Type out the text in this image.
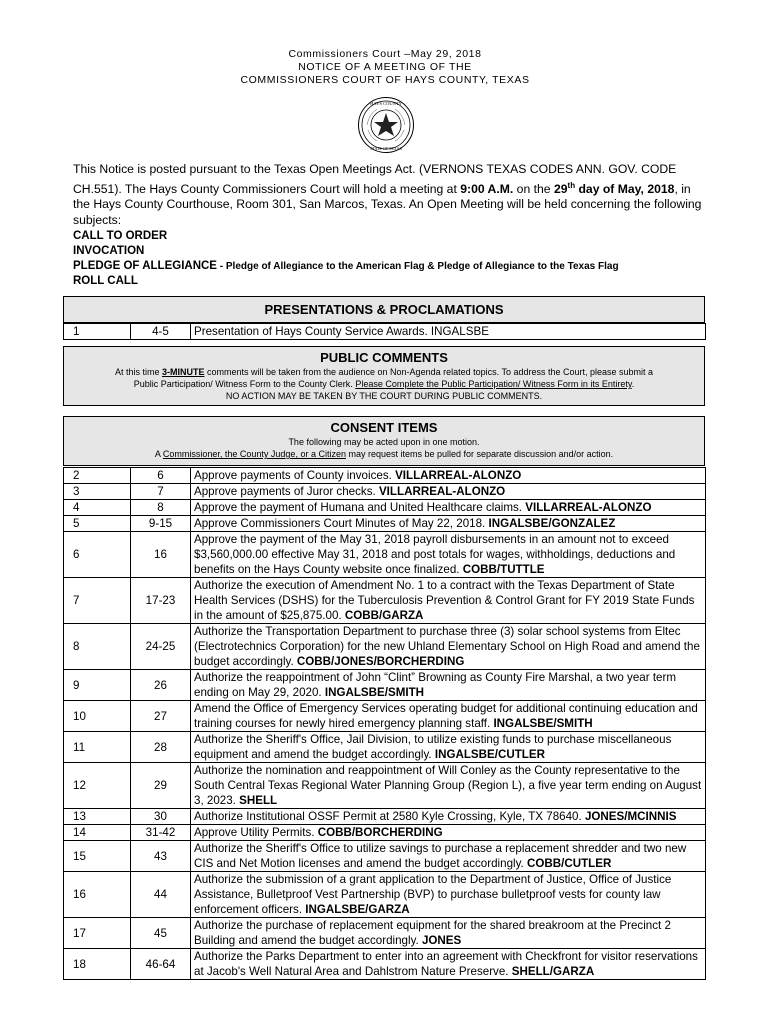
Commissioners Court –May 29, 2018
NOTICE OF A MEETING OF THE
COMMISSIONERS COURT OF HAYS COUNTY, TEXAS
HAYS COUNTY
STATE OF TEXAS
This Notice is posted pursuant to the Texas Open Meetings Act. (VERNONS TEXAS CODES ANN. GOV. CODE CH.551). The Hays County Commissioners Court will hold a meeting at 9:00 A.M. on the 29th day of May, 2018, in the Hays County Courthouse, Room 301, San Marcos, Texas. An Open Meeting will be held concerning the following subjects:
CALL TO ORDER
INVOCATION
PLEDGE OF ALLEGIANCE - Pledge of Allegiance to the American Flag & Pledge of Allegiance to the Texas Flag
ROLL CALL
PRESENTATIONS & PROCLAMATIONS
1	4-5	Presentation of Hays County Service Awards. INGALSBE
PUBLIC COMMENTS
At this time 3-MINUTE comments will be taken from the audience on Non-Agenda related topics. To address the Court, please submit a
Public Participation/ Witness Form to the County Clerk. Please Complete the Public Participation/ Witness Form in its Entirety.
NO ACTION MAY BE TAKEN BY THE COURT DURING PUBLIC COMMENTS.
CONSENT ITEMS
The following may be acted upon in one motion.
A Commissioner, the County Judge, or a Citizen may request items be pulled for separate discussion and/or action.
2	6	Approve payments of County invoices. VILLARREAL-ALONZO
3	7	Approve payments of Juror checks. VILLARREAL-ALONZO
4	8	Approve the payment of Humana and United Healthcare claims. VILLARREAL-ALONZO
5	9-15	Approve Commissioners Court Minutes of May 22, 2018. INGALSBE/GONZALEZ
6	16	Approve the payment of the May 31, 2018 payroll disbursements in an amount not to exceed $3,560,000.00 effective May 31, 2018 and post totals for wages, withholdings, deductions and benefits on the Hays County website once finalized. COBB/TUTTLE
7	17-23	Authorize the execution of Amendment No. 1 to a contract with the Texas Department of State Health Services (DSHS) for the Tuberculosis Prevention & Control Grant for FY 2019 State Funds in the amount of $25,875.00. COBB/GARZA
8	24-25	Authorize the Transportation Department to purchase three (3) solar school systems from Eltec (Electrotechnics Corporation) for the new Uhland Elementary School on High Road and amend the budget accordingly. COBB/JONES/BORCHERDING
9	26	Authorize the reappointment of John “Clint” Browning as County Fire Marshal, a two year term ending on May 29, 2020. INGALSBE/SMITH
10	27	Amend the Office of Emergency Services operating budget for additional continuing education and training courses for newly hired emergency planning staff. INGALSBE/SMITH
11	28	Authorize the Sheriff's Office, Jail Division, to utilize existing funds to purchase miscellaneous equipment and amend the budget accordingly. INGALSBE/CUTLER
12	29	Authorize the nomination and reappointment of Will Conley as the County representative to the South Central Texas Regional Water Planning Group (Region L), a five year term ending on August 3, 2023. SHELL
13	30	Authorize Institutional OSSF Permit at 2580 Kyle Crossing, Kyle, TX 78640. JONES/MCINNIS
14	31-42	Approve Utility Permits. COBB/BORCHERDING
15	43	Authorize the Sheriff's Office to utilize savings to purchase a replacement shredder and two new CIS and Net Motion licenses and amend the budget accordingly. COBB/CUTLER
16	44	Authorize the submission of a grant application to the Department of Justice, Office of Justice Assistance, Bulletproof Vest Partnership (BVP) to purchase bulletproof vests for county law enforcement officers. INGALSBE/GARZA
17	45	Authorize the purchase of replacement equipment for the shared breakroom at the Precinct 2 Building and amend the budget accordingly. JONES
18	46-64	Authorize the Parks Department to enter into an agreement with Checkfront for visitor reservations at Jacob's Well Natural Area and Dahlstrom Nature Preserve. SHELL/GARZA
